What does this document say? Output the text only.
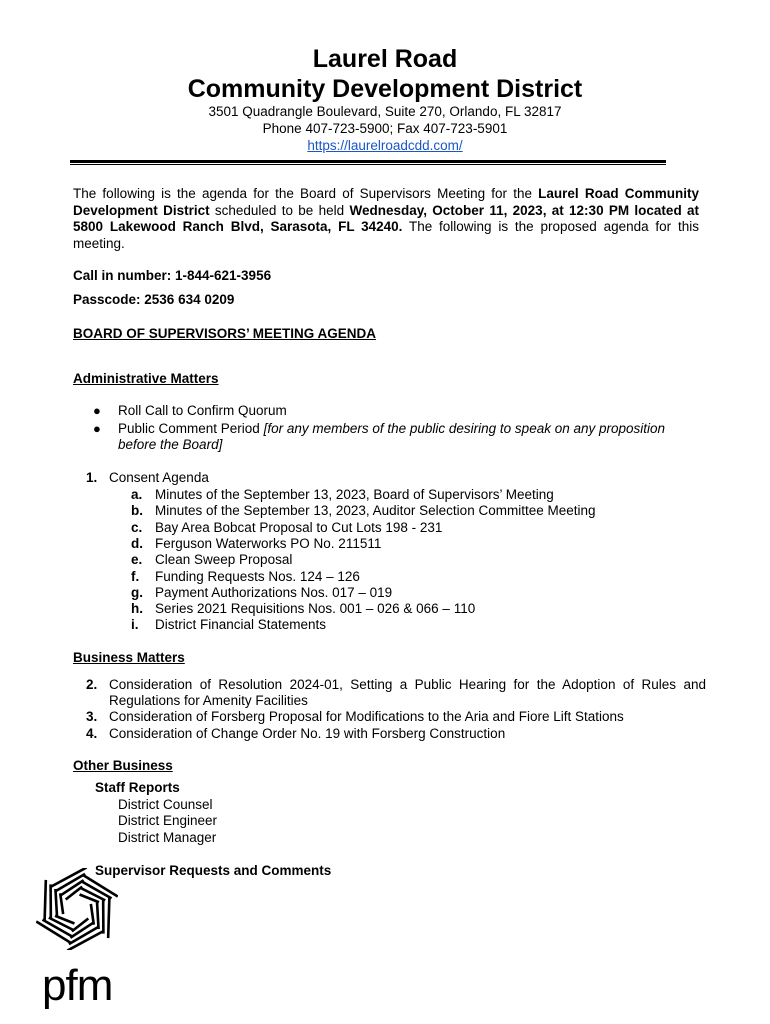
Laurel Road
Community Development District
3501 Quadrangle Boulevard, Suite 270, Orlando, FL 32817
Phone 407-723-5900; Fax 407-723-5901
https://laurelroadcdd.com/
The following is the agenda for the Board of Supervisors Meeting for the Laurel Road Community Development District scheduled to be held Wednesday, October 11, 2023, at 12:30 PM located at 5800 Lakewood Ranch Blvd, Sarasota, FL 34240. The following is the proposed agenda for this meeting.
Call in number: 1-844-621-3956
Passcode: 2536 634 0209
BOARD OF SUPERVISORS’ MEETING AGENDA
Administrative Matters
● Roll Call to Confirm Quorum
● Public Comment Period [for any members of the public desiring to speak on any proposition
before the Board]
1. Consent Agenda
a. Minutes of the September 13, 2023, Board of Supervisors’ Meeting
b. Minutes of the September 13, 2023, Auditor Selection Committee Meeting
c. Bay Area Bobcat Proposal to Cut Lots 198 - 231
d. Ferguson Waterworks PO No. 211511
e. Clean Sweep Proposal
f. Funding Requests Nos. 124 – 126
g. Payment Authorizations Nos. 017 – 019
h. Series 2021 Requisitions Nos. 001 – 026 & 066 – 110
i. District Financial Statements
Business Matters
2. Consideration of Resolution 2024-01, Setting a Public Hearing for the Adoption of Rules and
Regulations for Amenity Facilities
3. Consideration of Forsberg Proposal for Modifications to the Aria and Fiore Lift Stations
4. Consideration of Change Order No. 19 with Forsberg Construction
Other Business
Staff Reports
District Counsel
District Engineer
District Manager
Supervisor Requests and Comments
pfm
